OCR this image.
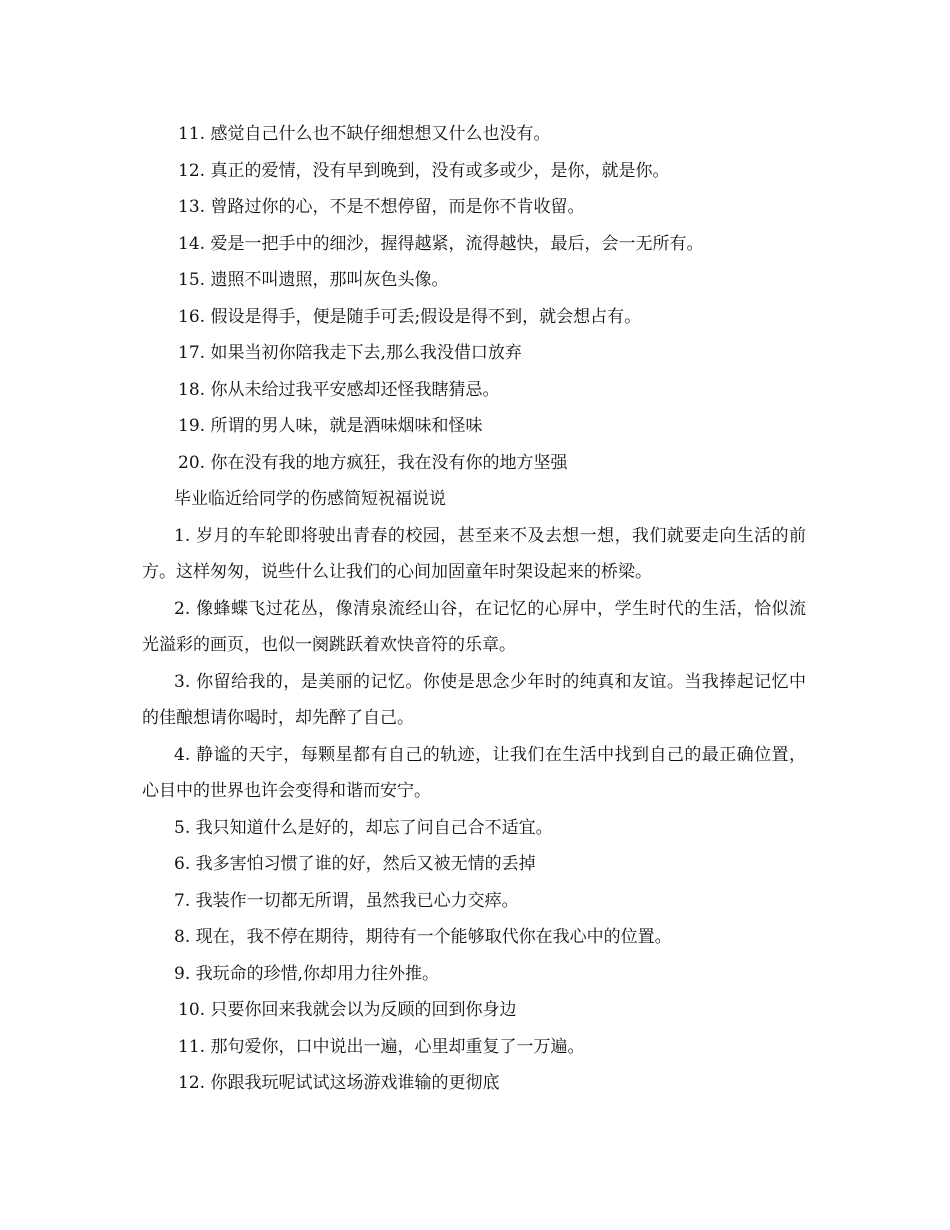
11. 感觉自己什么也不缺仔细想想又什么也没有。

12. 真正的爱情，没有早到晚到，没有或多或少，是你，就是你。

13. 曾路过你的心，不是不想停留，而是你不肯收留。

14. 爱是一把手中的细沙，握得越紧，流得越快，最后，会一无所有。

15. 遗照不叫遗照，那叫灰色头像。

16. 假设是得手，便是随手可丢;假设是得不到，就会想占有。

17. 如果当初你陪我走下去,那么我没借口放弃

18. 你从未给过我平安感却还怪我瞎猜忌。

19. 所谓的男人味，就是酒味烟味和怪味

20. 你在没有我的地方疯狂，我在没有你的地方坚强

毕业临近给同学的伤感简短祝福说说

1. 岁月的车轮即将驶出青春的校园，甚至来不及去想一想，我们就要走向生活的前方。这样匆匆，说些什么让我们的心间加固童年时架设起来的桥梁。

2. 像蜂蝶飞过花丛，像清泉流经山谷，在记忆的心屏中，学生时代的生活，恰似流光溢彩的画页，也似一阕跳跃着欢快音符的乐章。

3. 你留给我的，是美丽的记忆。你使是思念少年时的纯真和友谊。当我捧起记忆中的佳酿想请你喝时，却先醉了自己。

4. 静谧的天宇，每颗星都有自己的轨迹，让我们在生活中找到自己的最正确位置，心目中的世界也许会变得和谐而安宁。

5. 我只知道什么是好的，却忘了问自己合不适宜。

6. 我多害怕习惯了谁的好，然后又被无情的丢掉

7. 我装作一切都无所谓，虽然我已心力交瘁。

8. 现在，我不停在期待，期待有一个能够取代你在我心中的位置。

9. 我玩命的珍惜,你却用力往外推。

10. 只要你回来我就会以为反顾的回到你身边

11. 那句爱你，口中说出一遍，心里却重复了一万遍。

12. 你跟我玩呢试试这场游戏谁输的更彻底
